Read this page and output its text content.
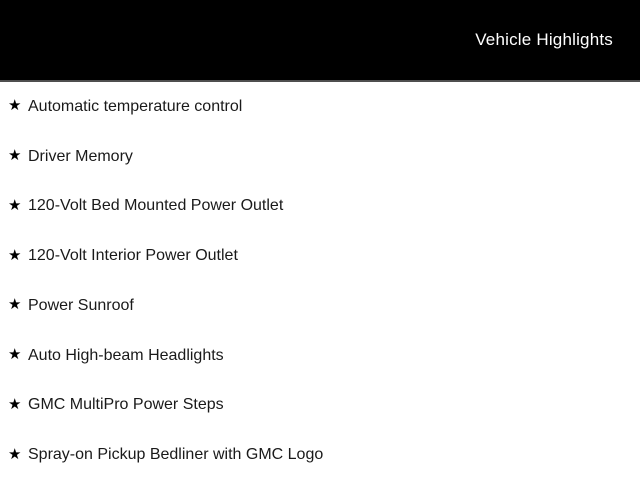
Vehicle Highlights
★ Automatic temperature control
★ Driver Memory
★ 120-Volt Bed Mounted Power Outlet
★ 120-Volt Interior Power Outlet
★ Power Sunroof
★ Auto High-beam Headlights
★ GMC MultiPro Power Steps
★ Spray-on Pickup Bedliner with GMC Logo
